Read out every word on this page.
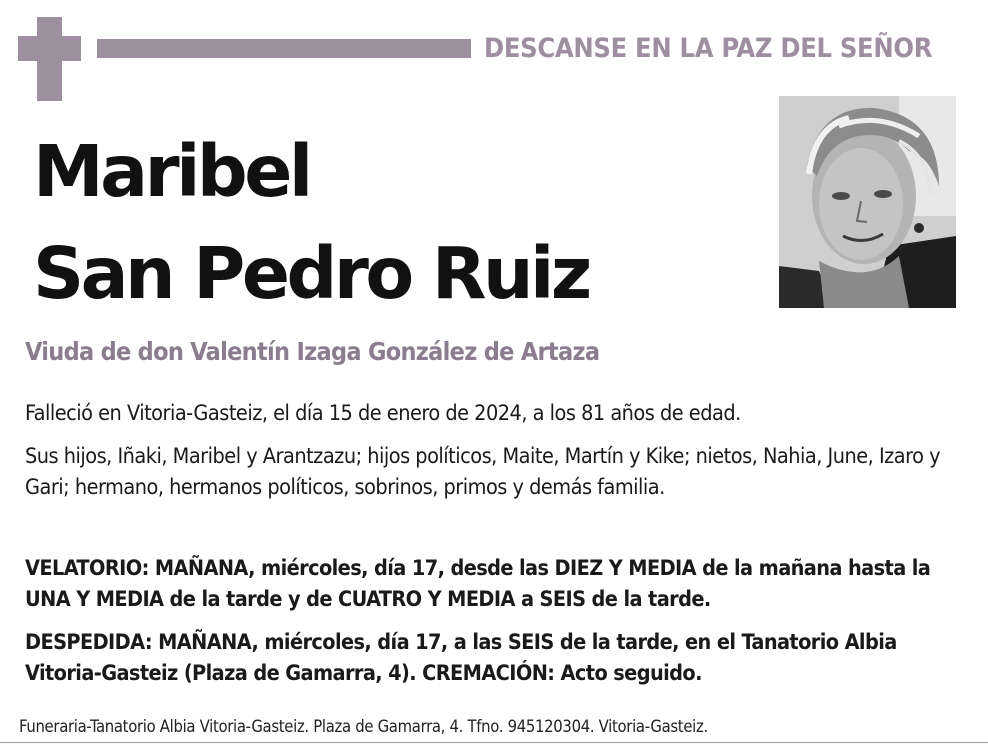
DESCANSE EN LA PAZ DEL SEÑOR
Maribel
San Pedro Ruiz
Viuda de don Valentín Izaga González de Artaza
Falleció en Vitoria-Gasteiz, el día 15 de enero de 2024, a los 81 años de edad.
Sus hijos, Iñaki, Maribel y Arantzazu; hijos políticos, Maite, Martín y Kike; nietos, Nahia, June, Izaro y Gari; hermano, hermanos políticos, sobrinos, primos y demás familia.
VELATORIO: MAÑANA, miércoles, día 17, desde las DIEZ Y MEDIA de la mañana hasta la UNA Y MEDIA de la tarde y de CUATRO Y MEDIA a SEIS de la tarde.
DESPEDIDA: MAÑANA, miércoles, día 17, a las SEIS de la tarde, en el Tanatorio Albia Vitoria-Gasteiz (Plaza de Gamarra, 4). CREMACIÓN: Acto seguido.
Funeraria-Tanatorio Albia Vitoria-Gasteiz. Plaza de Gamarra, 4. Tfno. 945120304. Vitoria-Gasteiz.
